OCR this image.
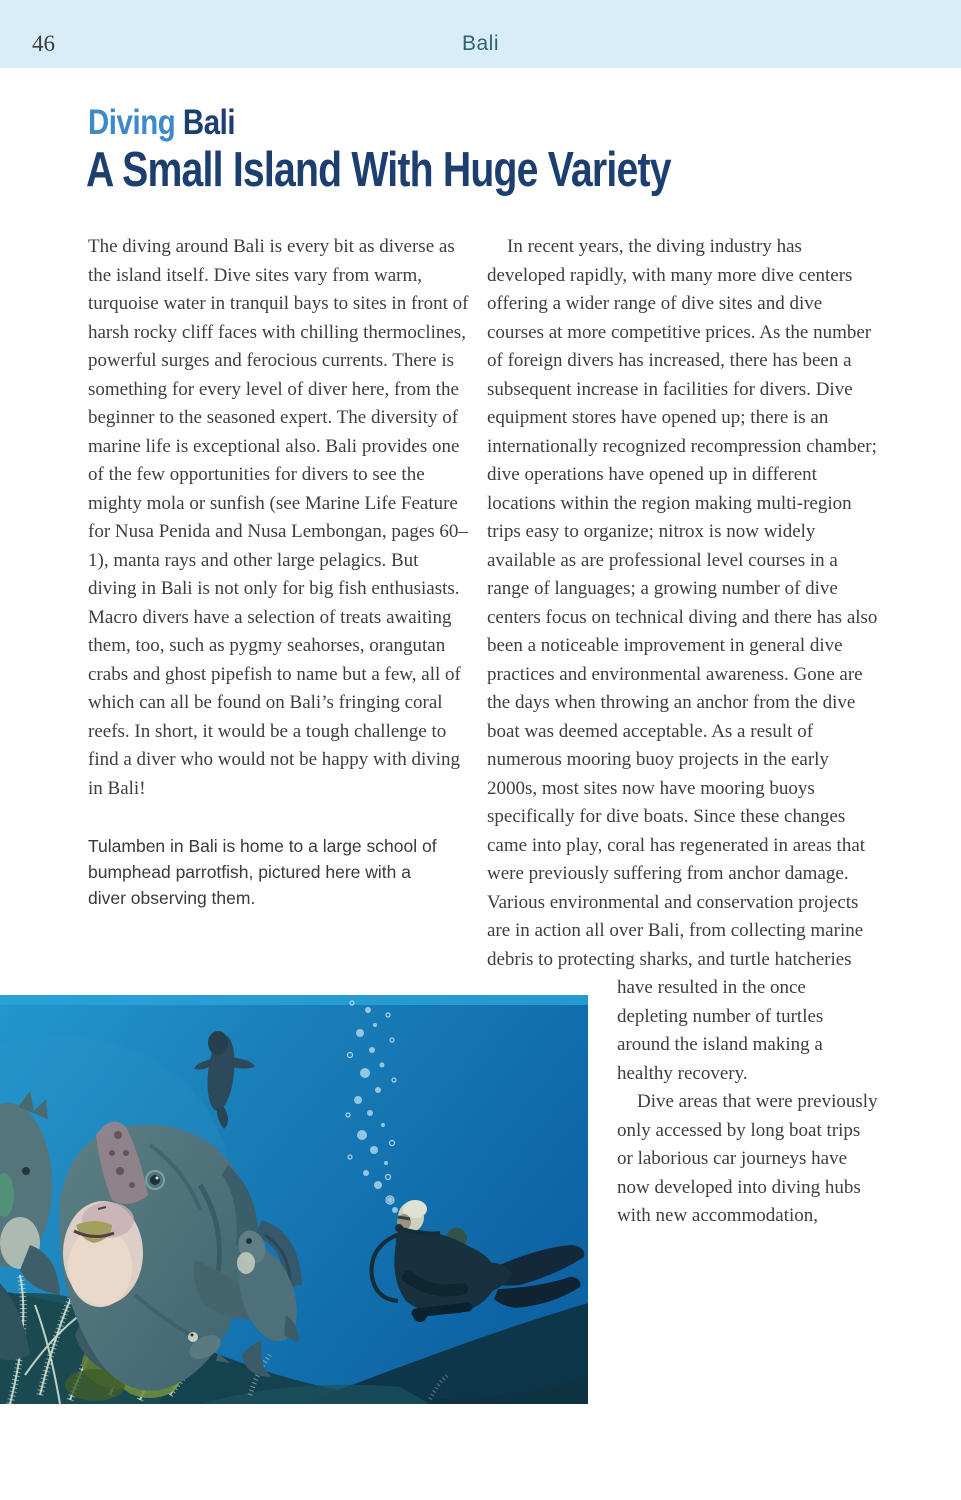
46	Bali
Diving Bali
A Small Island With Huge Variety

The diving around Bali is every bit as diverse as the island itself. Dive sites vary from warm, turquoise water in tranquil bays to sites in front of harsh rocky cliff faces with chilling thermoclines, powerful surges and ferocious currents. There is something for every level of diver here, from the beginner to the seasoned expert. The diversity of marine life is exceptional also. Bali provides one of the few opportunities for divers to see the mighty mola or sunfish (see Marine Life Feature for Nusa Penida and Nusa Lembongan, pages 60–1), manta rays and other large pelagics. But diving in Bali is not only for big fish enthusiasts. Macro divers have a selection of treats awaiting them, too, such as pygmy seahorses, orangutan crabs and ghost pipefish to name but a few, all of which can all be found on Bali’s fringing coral reefs. In short, it would be a tough challenge to find a diver who would not be happy with diving in Bali!

Tulamben in Bali is home to a large school of bumphead parrotfish, pictured here with a diver observing them.

In recent years, the diving industry has developed rapidly, with many more dive centers offering a wider range of dive sites and dive courses at more competitive prices. As the number of foreign divers has increased, there has been a subsequent increase in facilities for divers. Dive equipment stores have opened up; there is an internationally recognized recompression chamber; dive operations have opened up in different locations within the region making multi-region trips easy to organize; nitrox is now widely available as are professional level courses in a range of languages; a growing number of dive centers focus on technical diving and there has also been a noticeable improvement in general dive practices and environmental awareness. Gone are the days when throwing an anchor from the dive boat was deemed acceptable. As a result of numerous mooring buoy projects in the early 2000s, most sites now have mooring buoys specifically for dive boats. Since these changes came into play, coral has regenerated in areas that were previously suffering from anchor damage. Various environmental and conservation projects are in action all over Bali, from collecting marine debris to protecting sharks, and turtle hatcheries have resulted in the once depleting number of turtles around the island making a healthy recovery.

Dive areas that were previously only accessed by long boat trips or laborious car journeys have now developed into diving hubs with new accommodation,
